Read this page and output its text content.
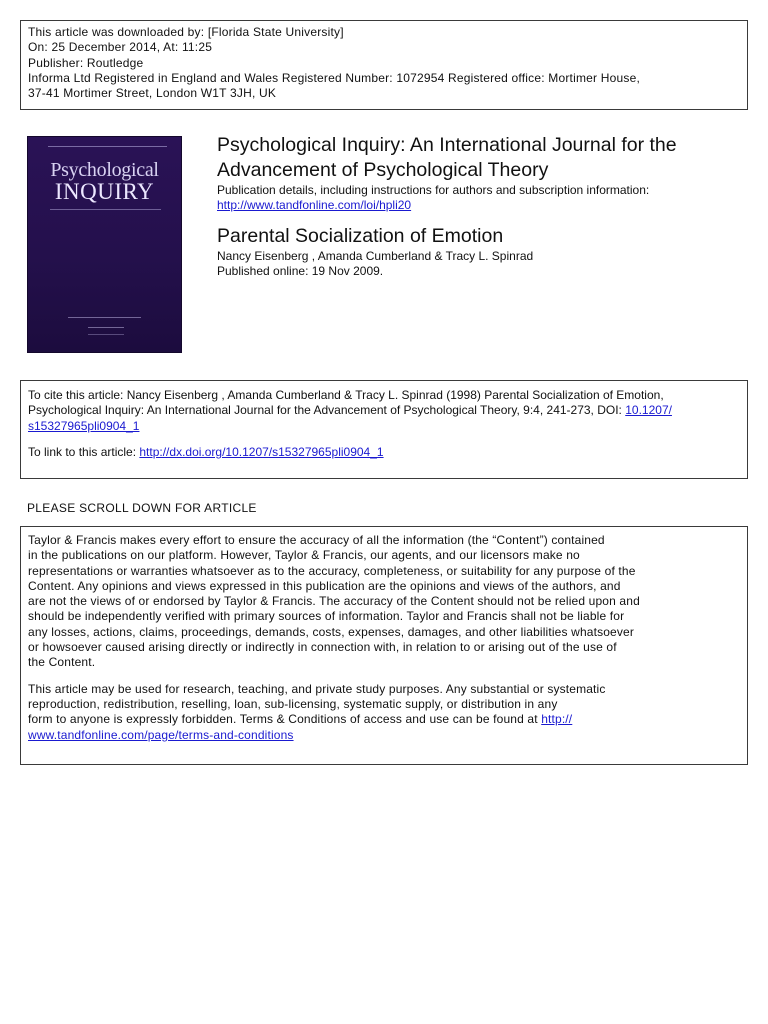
This article was downloaded by: [Florida State University]
On: 25 December 2014, At: 11:25
Publisher: Routledge
Informa Ltd Registered in England and Wales Registered Number: 1072954 Registered office: Mortimer House,
37-41 Mortimer Street, London W1T 3JH, UK
Psychological
INQUIRY
Psychological Inquiry: An International Journal for the Advancement of Psychological Theory
Publication details, including instructions for authors and subscription information:
http://www.tandfonline.com/loi/hpli20
Parental Socialization of Emotion
Nancy Eisenberg , Amanda Cumberland & Tracy L. Spinrad
Published online: 19 Nov 2009.
To cite this article: Nancy Eisenberg , Amanda Cumberland & Tracy L. Spinrad (1998) Parental Socialization of Emotion, Psychological Inquiry: An International Journal for the Advancement of Psychological Theory, 9:4, 241-273, DOI: 10.1207/ s15327965pli0904_1
To link to this article: http://dx.doi.org/10.1207/s15327965pli0904_1
PLEASE SCROLL DOWN FOR ARTICLE
Taylor & Francis makes every effort to ensure the accuracy of all the information (the “Content”) contained
in the publications on our platform. However, Taylor & Francis, our agents, and our licensors make no
representations or warranties whatsoever as to the accuracy, completeness, or suitability for any purpose of the
Content. Any opinions and views expressed in this publication are the opinions and views of the authors, and
are not the views of or endorsed by Taylor & Francis. The accuracy of the Content should not be relied upon and
should be independently verified with primary sources of information. Taylor and Francis shall not be liable for
any losses, actions, claims, proceedings, demands, costs, expenses, damages, and other liabilities whatsoever
or howsoever caused arising directly or indirectly in connection with, in relation to or arising out of the use of
the Content.
This article may be used for research, teaching, and private study purposes. Any substantial or systematic
reproduction, redistribution, reselling, loan, sub-licensing, systematic supply, or distribution in any
form to anyone is expressly forbidden. Terms & Conditions of access and use can be found at http://
www.tandfonline.com/page/terms-and-conditions
